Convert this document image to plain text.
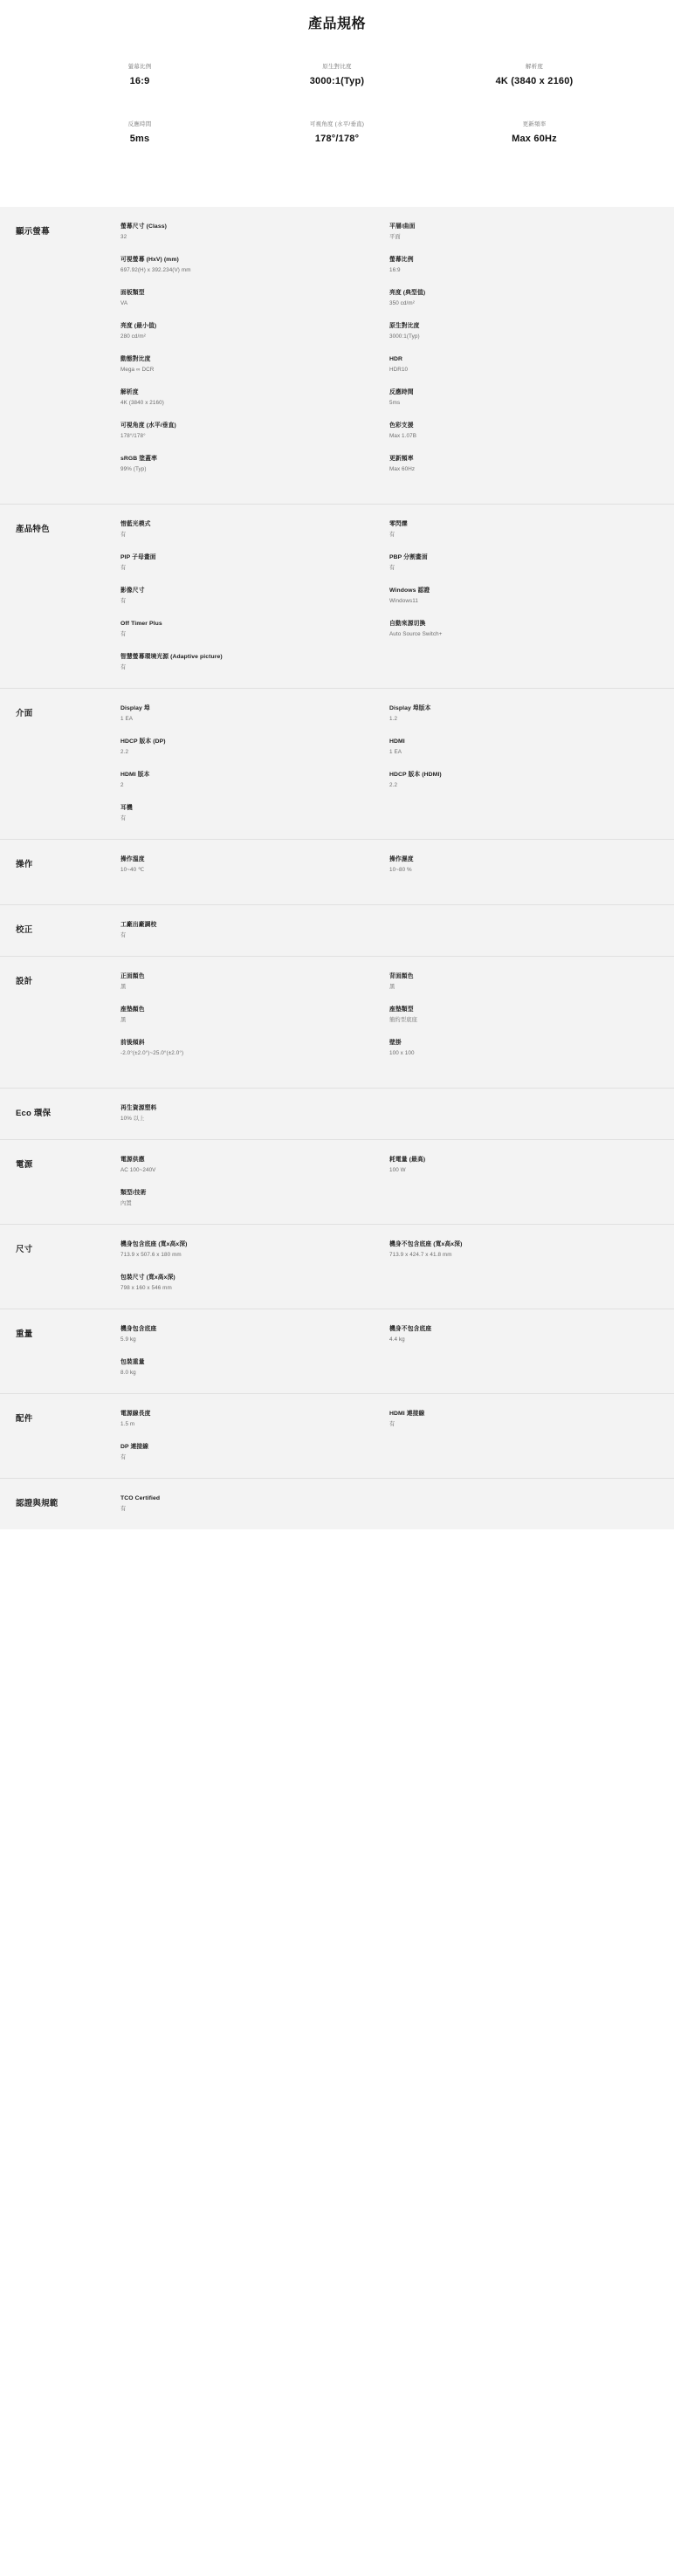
產品規格
螢幕比例
16:9
原生對比度
3000:1(Typ)
解析度
4K (3840 x 2160)
反應時間
5ms
可視角度 (水平/垂直)
178°/178°
更新頻率
Max 60Hz
顯示螢幕
螢幕尺寸 (Class)
32
平層/曲面
平面
可視螢幕 (HxV) (mm)
697.92(H) x 392.234(V) mm
螢幕比例
16:9
面板類型
VA
亮度 (典型值)
350 cd/m²
亮度 (最小值)
280 cd/m²
原生對比度
3000:1(Typ)
動態對比度
Mega ∞ DCR
HDR
HDR10
解析度
4K (3840 x 2160)
反應時間
5ms
可視角度 (水平/垂直)
178°/178°
色彩支援
Max 1.07B
sRGB 塗蓋率
99% (Typ)
更新頻率
Max 60Hz
產品特色
惜藍光模式
有
零閃爍
有
PIP 子母畫面
有
PBP 分割畫面
有
影像尺寸
有
Windows 認證
Windows11
Off Timer Plus
有
自動來源切換
Auto Source Switch+
智慧螢幕環境光源 (Adaptive picture)
有
介面
Display 埠
1 EA
Display 埠版本
1.2
HDCP 版本 (DP)
2.2
HDMI
1 EA
HDMI 版本
2
HDCP 版本 (HDMI)
2.2
耳機
有
操作
操作溫度
10~40 ℃
操作濕度
10~80 %
校正
工廠出廠調校
有
設計
正面顏色
黑
背面顏色
黑
座墊顏色
黑
座墊類型
簡約型底座
前後傾斜
-2.0°(±2.0°)~25.0°(±2.0°)
壁掛
100 x 100
Eco 環保
再生資源塑料
10% 以上
電源
電源供應
AC 100~240V
耗電量 (最高)
100 W
類型/技術
內置
尺寸
機身包含底座 (寬x高x深)
713.9 x 507.6 x 180 mm
機身不包含底座 (寬x高x深)
713.9 x 424.7 x 41.8 mm
包裝尺寸 (寬x高x深)
798 x 160 x 546 mm
重量
機身包含底座
5.9 kg
機身不包含底座
4.4 kg
包裝重量
8.0 kg
配件
電源線長度
1.5 m
HDMI 連接線
有
DP 連接線
有
認證與規範
TCO Certified
有
